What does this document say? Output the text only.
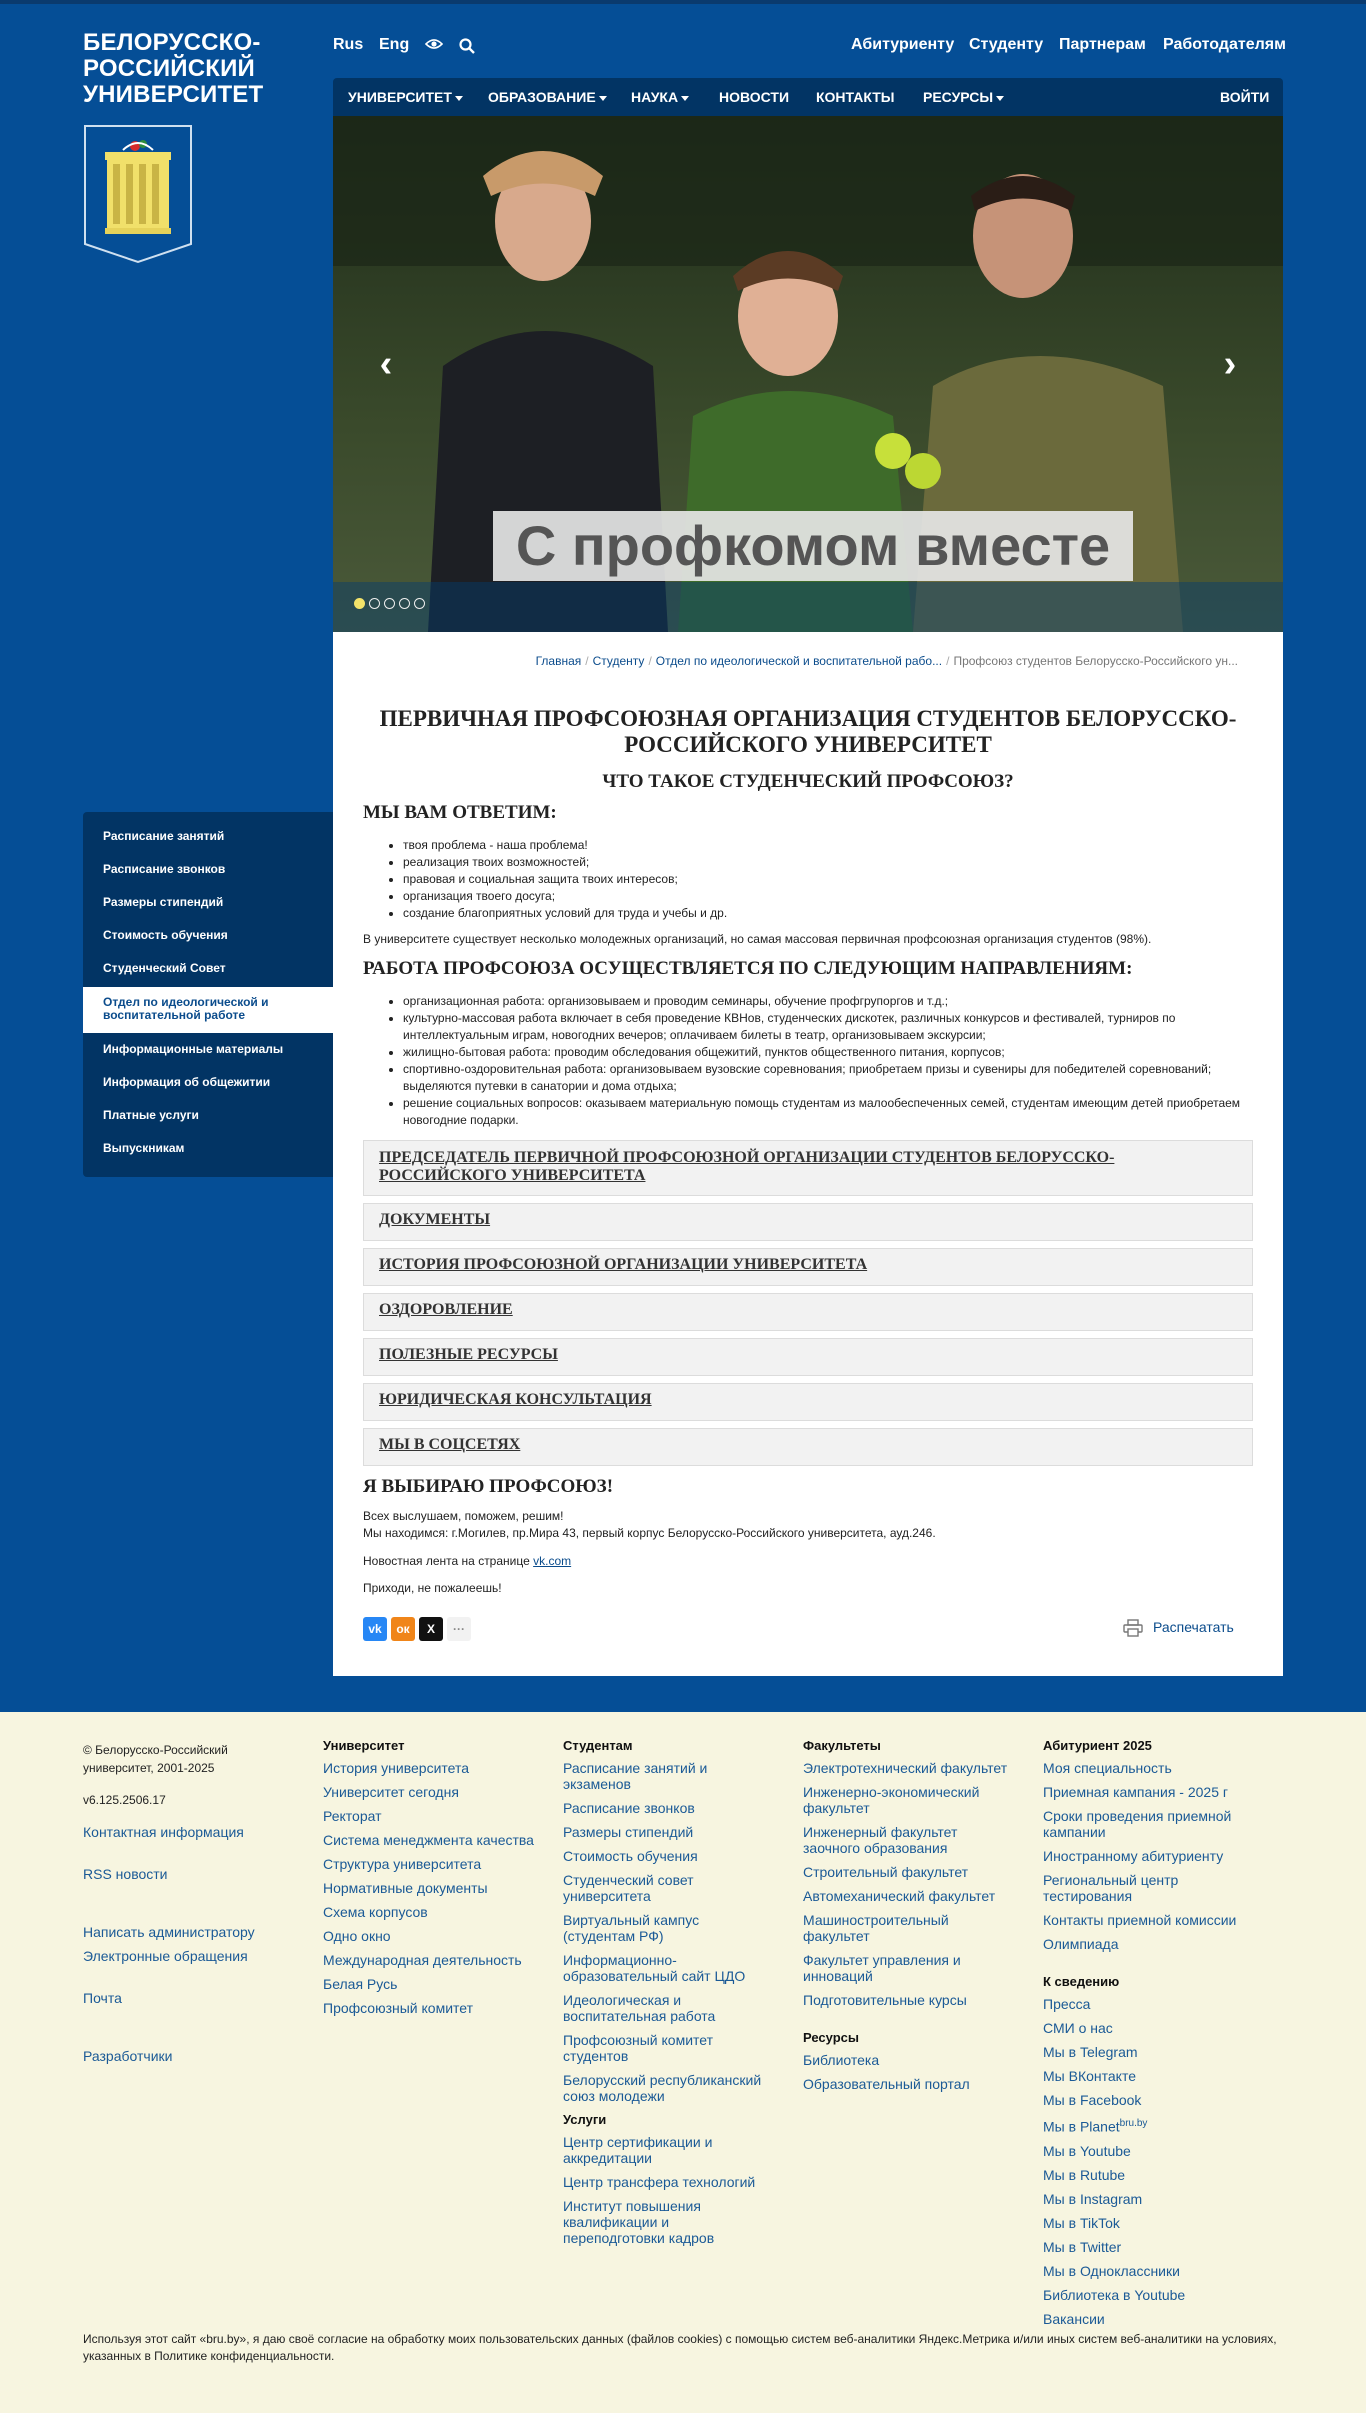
БЕЛОРУССКО-РОССИЙСКИЙ УНИВЕРСИТЕТ
Rus Eng	Абитуриенту Студенту Партнерам Работодателям
УНИВЕРСИТЕТ	ОБРАЗОВАНИЕ	НАУКА	НОВОСТИ КОНТАКТЫ РЕСУРСЫ	ВОЙТИ
С профкомом вместе
‹	›
Расписание занятий
Расписание звонков
Размеры стипендий
Стоимость обучения
Студенческий Совет
Отдел по идеологической и воспитательной работе
Информационные материалы
Информация об общежитии
Платные услуги
Выпускникам
Главная / Студенту / Отдел по идеологической и воспитательной рабо... / Профсоюз студентов Белорусско-Российского ун...
ПЕРВИЧНАЯ ПРОФСОЮЗНАЯ ОРГАНИЗАЦИЯ СТУДЕНТОВ БЕЛОРУССКО-РОССИЙСКОГО УНИВЕРСИТЕТ
ЧТО ТАКОЕ СТУДЕНЧЕСКИЙ ПРОФСОЮЗ?
МЫ ВАМ ОТВЕТИМ:
• твоя проблема - наша проблема!
• реализация твоих возможностей;
• правовая и социальная защита твоих интересов;
• организация твоего досуга;
• создание благоприятных условий для труда и учебы и др.

В университете существует несколько молодежных организаций, но самая массовая первичная профсоюзная организация студентов (98%).

РАБОТА ПРОФСОЮЗА ОСУЩЕСТВЛЯЕТСЯ ПО СЛЕДУЮЩИМ НАПРАВЛЕНИЯМ:
• организационная работа: организовываем и проводим семинары, обучение профгрупоргов и т.д.;
• культурно-массовая работа включает в себя проведение КВНов, студенческих дискотек, различных конкурсов и фестивалей, турниров по интеллектуальным играм, новогодних вечеров; оплачиваем билеты в театр, организовываем экскурсии;
• жилищно-бытовая работа: проводим обследования общежитий, пунктов общественного питания, корпусов;
• спортивно-оздоровительная работа: организовываем вузовские соревнования; приобретаем призы и сувениры для победителей соревнований; выделяются путевки в санатории и дома отдыха;
• решение социальных вопросов: оказываем материальную помощь студентам из малообеспеченных семей, студентам имеющим детей приобретаем новогодние подарки.
ПРЕДСЕДАТЕЛЬ ПЕРВИЧНОЙ ПРОФСОЮЗНОЙ ОРГАНИЗАЦИИ СТУДЕНТОВ БЕЛОРУССКО-РОССИЙСКОГО УНИВЕРСИТЕТА
ДОКУМЕНТЫ
ИСТОРИЯ ПРОФСОЮЗНОЙ ОРГАНИЗАЦИИ УНИВЕРСИТЕТА
ОЗДОРОВЛЕНИЕ
ПОЛЕЗНЫЕ РЕСУРСЫ
ЮРИДИЧЕСКАЯ КОНСУЛЬТАЦИЯ
МЫ В СОЦСЕТЯХ
Я ВЫБИРАЮ ПРОФСОЮЗ!

Всех выслушаем, поможем, решим!

Мы находимся: г.Могилев, пр.Мира 43, первый корпус Белорусско-Российского университета, ауд.246.

Новостная лента на странице vk.com

Приходи, не пожалеешь!

vk	ок	X	···	Распечатать
© Белорусско-Российский университет, 2001-2025
v6.125.2506.17
Контактная информация
RSS новости
Написать администратору
Электронные обращения
Почта
Разработчики
Университет
История университета
Университет сегодня
Ректорат
Система менеджмента качества
Структура университета
Нормативные документы
Схема корпусов
Одно окно
Международная деятельность
Белая Русь
Профсоюзный комитет
Студентам
Расписание занятий и экзаменов
Расписание звонков
Размеры стипендий
Стоимость обучения
Студенческий совет университета
Виртуальный кампус (студентам РФ)
Информационно-образовательный сайт ЦДО
Идеологическая и воспитательная работа
Профсоюзный комитет студентов
Белорусский республиканский союз молодежи
Услуги
Центр сертификации и аккредитации
Центр трансфера технологий
Институт повышения квалификации и переподготовки кадров
Факультеты
Электротехнический факультет
Инженерно-экономический факультет
Инженерный факультет заочного образования
Строительный факультет
Автомеханический факультет
Машиностроительный факультет
Факультет управления и инноваций
Подготовительные курсы
Ресурсы
Библиотека
Образовательный портал
Абитуриент 2025
Моя специальность
Приемная кампания - 2025 г
Сроки проведения приемной кампании
Иностранному абитуриенту
Региональный центр тестирования
Контакты приемной комиссии
Олимпиада
К сведению
Пресса
СМИ о нас
Мы в Telegram
Мы ВКонтакте
Мы в Facebook
Мы в Planet$^{bru.by}$
Мы в Youtube
Мы в Rutube
Мы в Instagram
Мы в TikTok
Мы в Twitter
Мы в Одноклассники
Библиотека в Youtube
Вакансии
Используя этот сайт «bru.by», я даю своё согласие на обработку моих пользовательских данных (файлов cookies) с помощью систем веб-аналитики Яндекс.Метрика и/или иных систем веб-аналитики на условиях, указанных в Политике конфиденциальности.
